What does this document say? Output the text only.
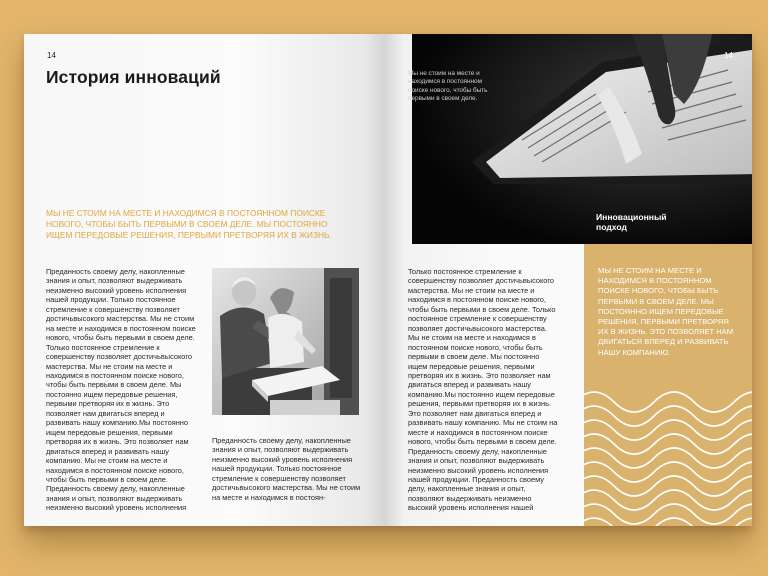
14
История инноваций
МЫ НЕ СТОИМ НА МЕСТЕ И НАХОДИМСЯ В ПОСТОЯННОМ ПОИСКЕ НОВОГО, ЧТОБЫ БЫТЬ ПЕРВЫМИ В СВОЕМ ДЕЛЕ. МЫ ПОСТОЯННО ИЩЕМ ПЕРЕДОВЫЕ РЕШЕНИЯ, ПЕРВЫМИ ПРЕТВОРЯЯ ИХ В ЖИЗНЬ.
Преданность своему делу, накопленные знания и опыт, позволяют выдерживать неизменно высокий уровень исполнения нашей продукции. Только постоянное стремление к совершенству позволяет достичьвысокого мастерства. Мы не стоим на месте и находимся в постоянном поиске нового, чтобы быть первыми в своем деле. Только постоянное стремление к совершенству позволяет достичьвысокого мастерства. Мы не стоим на месте и находимся в постоянном поиске нового, чтобы быть первыми в своем деле. Мы постоянно ищем передовые решения, первыми претворяя их в жизнь. Это позволяет нам двигаться вперед и развивать нашу компанию.Мы постоянно ищем передовые решения, первыми претворяя их в жизнь. Это позволяет нам двигаться вперед и развивать нашу компанию. Мы не стоим на месте и находимся в постоянном поиске нового, чтобы быть первыми в своем деле. Преданность своему делу, накопленные знания и опыт, позволяют выдерживать неизменно высокий уровень исполнения
Преданность своему делу, накопленные знания и опыт, позволяют выдерживать неизменно высокий уровень исполнения нашей продукции. Только постоянное стремление к совершенству позволяет достичьвысокого мастерства. Мы не стоим на месте и находимся в постоян-
Мы не стоим на месте и находимся в постоянном поиске нового, чтобы быть первыми в своем деле.
14
Инновационный подход
Только постоянное стремление к совершенству позволяет достичьвысокого мастерства. Мы не стоим на месте и находимся в постоянном поиске нового, чтобы быть первыми в своем деле. Только постоянное стремление к совершенству позволяет достичьвысокого мастерства. Мы не стоим на месте и находимся в постоянном поиске нового, чтобы быть первыми в своем деле. Мы постоянно ищем передовые решения, первыми претворяя их в жизнь. Это позволяет нам двигаться вперед и развивать нашу компанию.Мы постоянно ищем передовые решения, первыми претворяя их в жизнь. Это позволяет нам двигаться вперед и развивать нашу компанию. Мы не стоим на месте и находимся в постоянном поиске нового, чтобы быть первыми в своем деле. Преданность своему делу, накопленные знания и опыт, позволяют выдерживать неизменно высокий уровень исполнения нашей продукции. Преданность своему делу, накопленные знания и опыт, позволяют выдерживать неизменно высокий уровень исполнения нашей
МЫ НЕ СТОИМ НА МЕСТЕ И НАХОДИМСЯ В ПОСТОЯННОМ ПОИСКЕ НОВОГО, ЧТОБЫ БЫТЬ ПЕРВЫМИ В СВОЕМ ДЕЛЕ. МЫ ПОСТОЯННО ИЩЕМ ПЕРЕДОВЫЕ РЕШЕНИЯ, ПЕРВЫМИ ПРЕТВОРЯЯ ИХ В ЖИЗНЬ. ЭТО ПОЗВОЛЯЕТ НАМ ДВИГАТЬСЯ ВПЕРЕД И РАЗВИВАТЬ НАШУ КОМПАНИЮ.
